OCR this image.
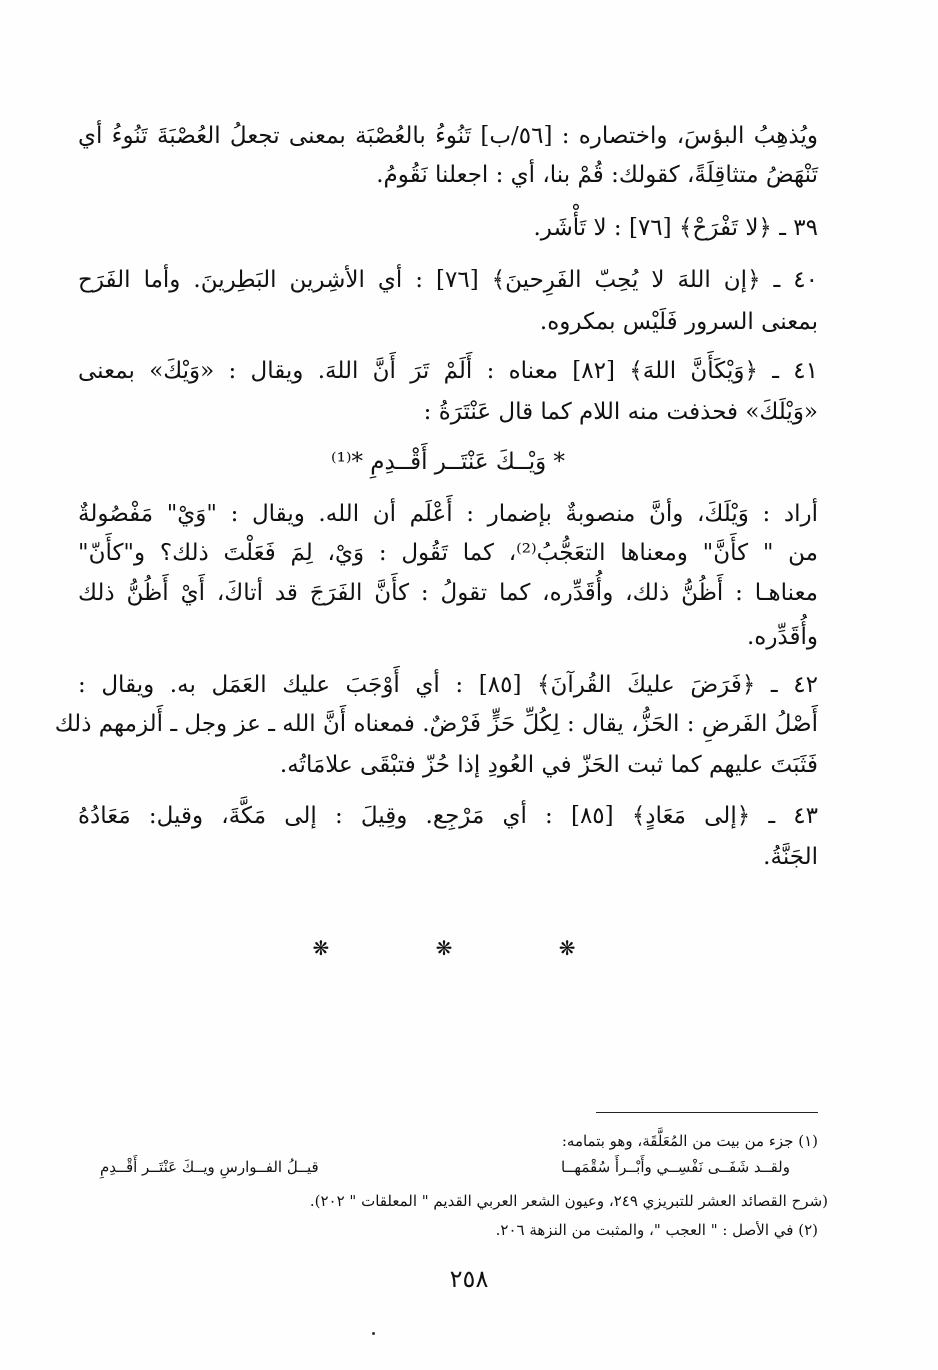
ويُذهِبُ البؤسَ، واختصاره : [٥٦/ب] تَنُوءُ بالعُصْبَة بمعنى تجعلُ العُصْبَةَ تَنُوءُ أي
تَنْهَضُ متثاقِلَةً، كقولك: قُمْ بنا، أي : اجعلنا نَقُومُ.
٣٩ ـ ﴿لا تَفْرَحْ﴾ [٧٦] : لا تَأْشَر.
٤٠ ـ ﴿إن اللهَ لا يُحِبّ الفَرِحينَ﴾ [٧٦] : أي الأشِرين البَطِرينَ. وأما الفَرَح
بمعنى السرور فَلَيْس بمكروه.
٤١ ـ ﴿وَيْكَأَنَّ اللهَ﴾ [٨٢] معناه : أَلَمْ تَرَ أَنَّ اللهَ. ويقال : «وَيْكَ» بمعنى
«وَيْلَكَ» فحذفت منه اللام كما قال عَنْتَرَةُ :
* وَيْــكَ عَنْتَــر أَقْــدِمِ *⁽¹⁾
أراد : وَيْلَكَ، وأنَّ منصوبةٌ بإضمار : أَعْلَم أن الله. ويقال : "وَيْ" مَفْصُولةٌ
من " كأَنَّ" ومعناها التعَجُّبُ⁽²⁾، كما تَقُول : وَيْ، لِمَ فَعَلْتَ ذلك؟ و"كأَنّ"
معناهـا : أَظُنُّ ذلك، وأُقَدِّره، كما تقولُ : كأَنَّ الفَرَجَ قد أتاكَ، أَيْ أَظُنُّ ذلك
وأُقَدِّره.
٤٢ ـ ﴿فَرَضَ عليكَ القُرآنَ﴾ [٨٥] : أي أَوْجَبَ عليك العَمَل به. ويقال :
أَصْلُ الفَرضِ : الحَزُّ، يقال : لِكُلِّ حَزٍّ فَرْضٌ. فمعناه أَنَّ الله ـ عز وجل ـ أَلزمهم ذلك
فَثَبَتَ عليهم كما ثبت الحَزّ في العُودِ إذا حُزّ فتبْقَى علامَاتُه.
٤٣ ـ ﴿إلى مَعَادٍ﴾ [٨٥] : أي مَرْجِع. وقِيلَ : إلى مَكَّةَ، وقيل: مَعَادُهُ
الجَنَّةُ.
❋ ❋ ❋
(١) جزء من بيت من المُعَلَّقَة، وهو بتمامه:
ولقــد شَفَــى نَفْسِــي وأَبْــرأَ سُقْمَهــا
قيــلُ الفــوارسِ ويــكَ عَنْتَــر أَقْــدِمِ
(شرح القصائد العشر للتبريزي ٢٤٩، وعيون الشعر العربي القديم " المعلقات " ٢٠٢).
(٢) في الأصل : " العجب "، والمثبت من النزهة ٢٠٦.
٢٥٨
